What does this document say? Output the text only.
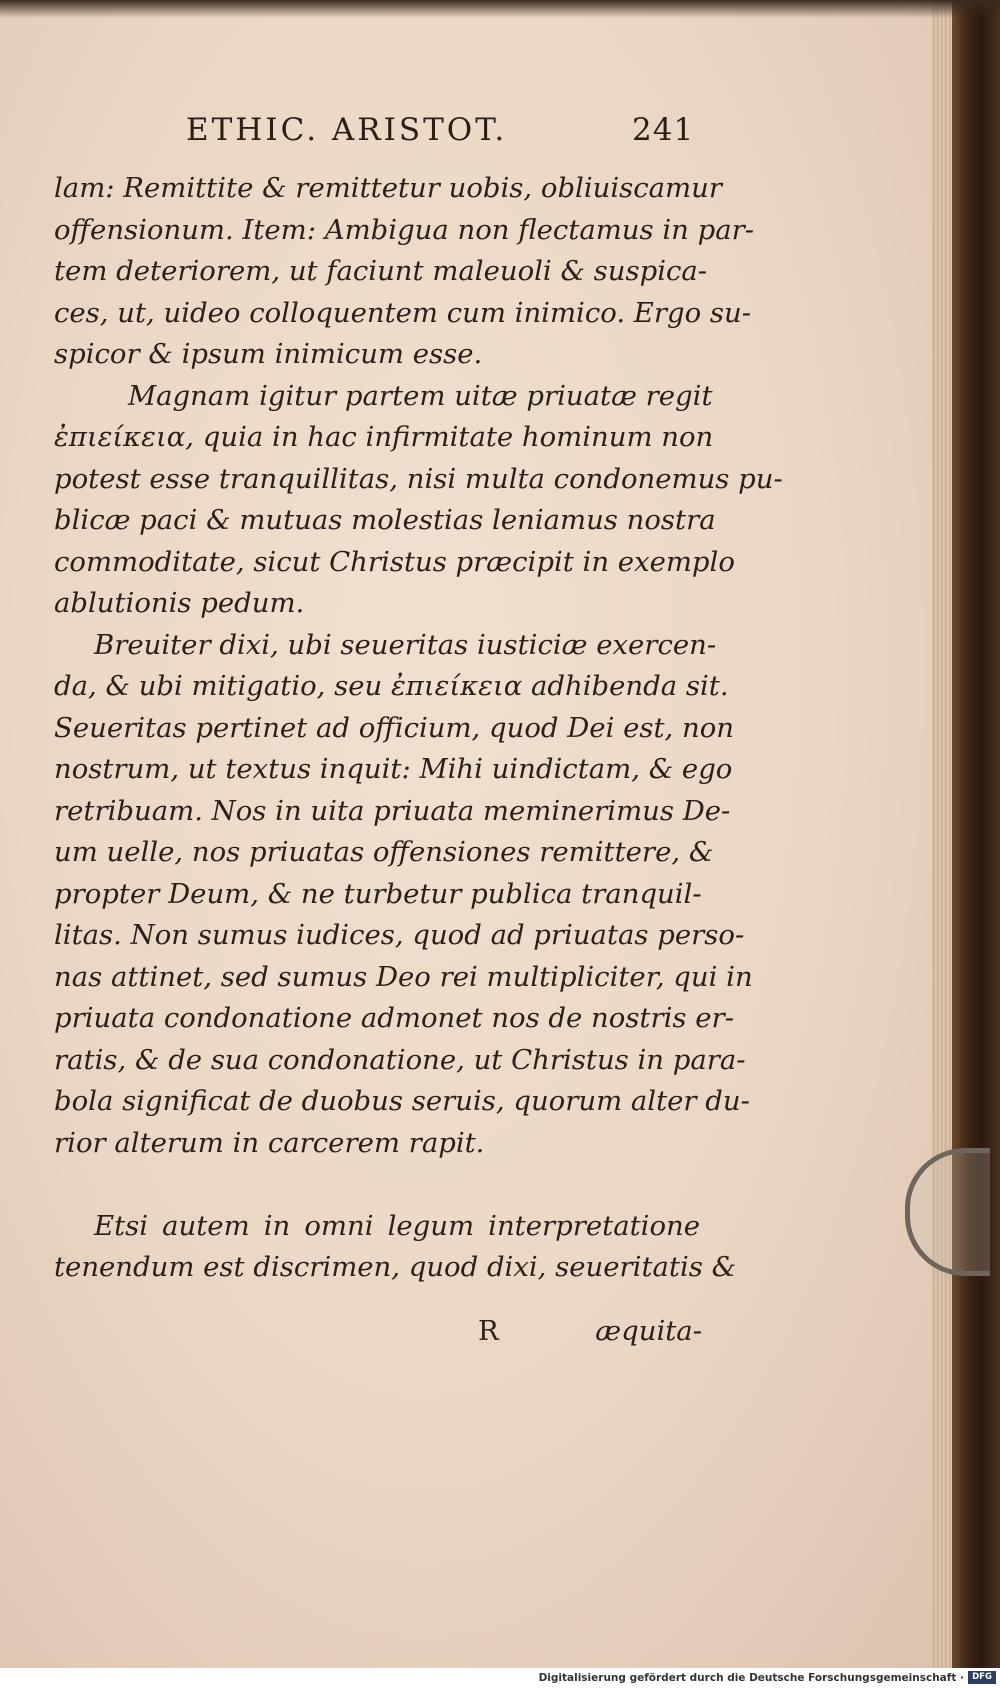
ETHIC. ARISTOT.	241
lam: Remittite & remittetur uobis, obliuiscamur
offensionum. Item: Ambigua non flectamus in par-
tem deteriorem, ut faciunt maleuoli & suspica-
ces, ut, uideo colloquentem cum inimico. Ergo su-
spicor & ipsum inimicum esse.
Magnam igitur partem uitæ priuatæ regit
ἐπιείκεια, quia in hac infirmitate hominum non
potest esse tranquillitas, nisi multa condonemus pu-
blicæ paci & mutuas molestias leniamus nostra
commoditate, sicut Christus præcipit in exemplo
ablutionis pedum.
Breuiter dixi, ubi seueritas iusticiæ exercen-
da, & ubi mitigatio, seu ἐπιείκεια adhibenda sit.
Seueritas pertinet ad officium, quod Dei est, non
nostrum, ut textus inquit: Mihi uindictam, & ego
retribuam. Nos in uita priuata meminerimus De-
um uelle, nos priuatas offensiones remittere, &
propter Deum, & ne turbetur publica tranquil-
litas. Non sumus iudices, quod ad priuatas perso-
nas attinet, sed sumus Deo rei multipliciter, qui in
priuata condonatione admonet nos de nostris er-
ratis, & de sua condonatione, ut Christus in para-
bola significat de duobus seruis, quorum alter du-
rior alterum in carcerem rapit.
Etsi autem in omni legum interpretatione
tenendum est discrimen, quod dixi, seueritatis &
R	æquita-
Digitalisierung gefördert durch die Deutsche Forschungsgemeinschaft · DFG
